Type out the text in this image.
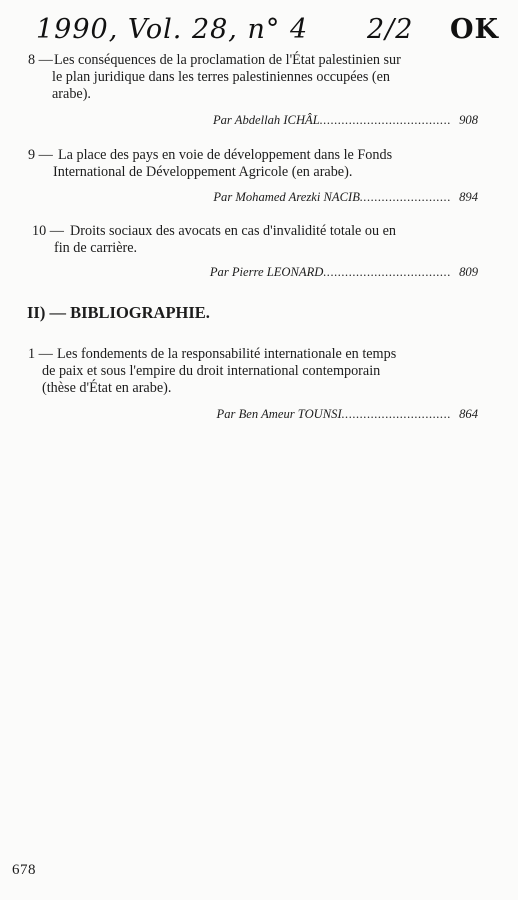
1990, Vol. 28, n° 4 2/2 OK
8 — Les conséquences de la proclamation de l'État palestinien sur
le plan juridique dans les terres palestiniennes occupées (en
arabe).
Par Abdellah ICHÂL .................................... 908
9 — La place des pays en voie de développement dans le Fonds
International de Développement Agricole (en arabe).
Par Mohamed Arezki NACIB ......................... 894
10 — Droits sociaux des avocats en cas d'invalidité totale ou en
fin de carrière.
Par Pierre LEONARD ................................... 809
II) — BIBLIOGRAPHIE.
1 — Les fondements de la responsabilité internationale en temps
de paix et sous l'empire du droit international contemporain
(thèse d'État en arabe).
Par Ben Ameur TOUNSI .............................. 864
678
